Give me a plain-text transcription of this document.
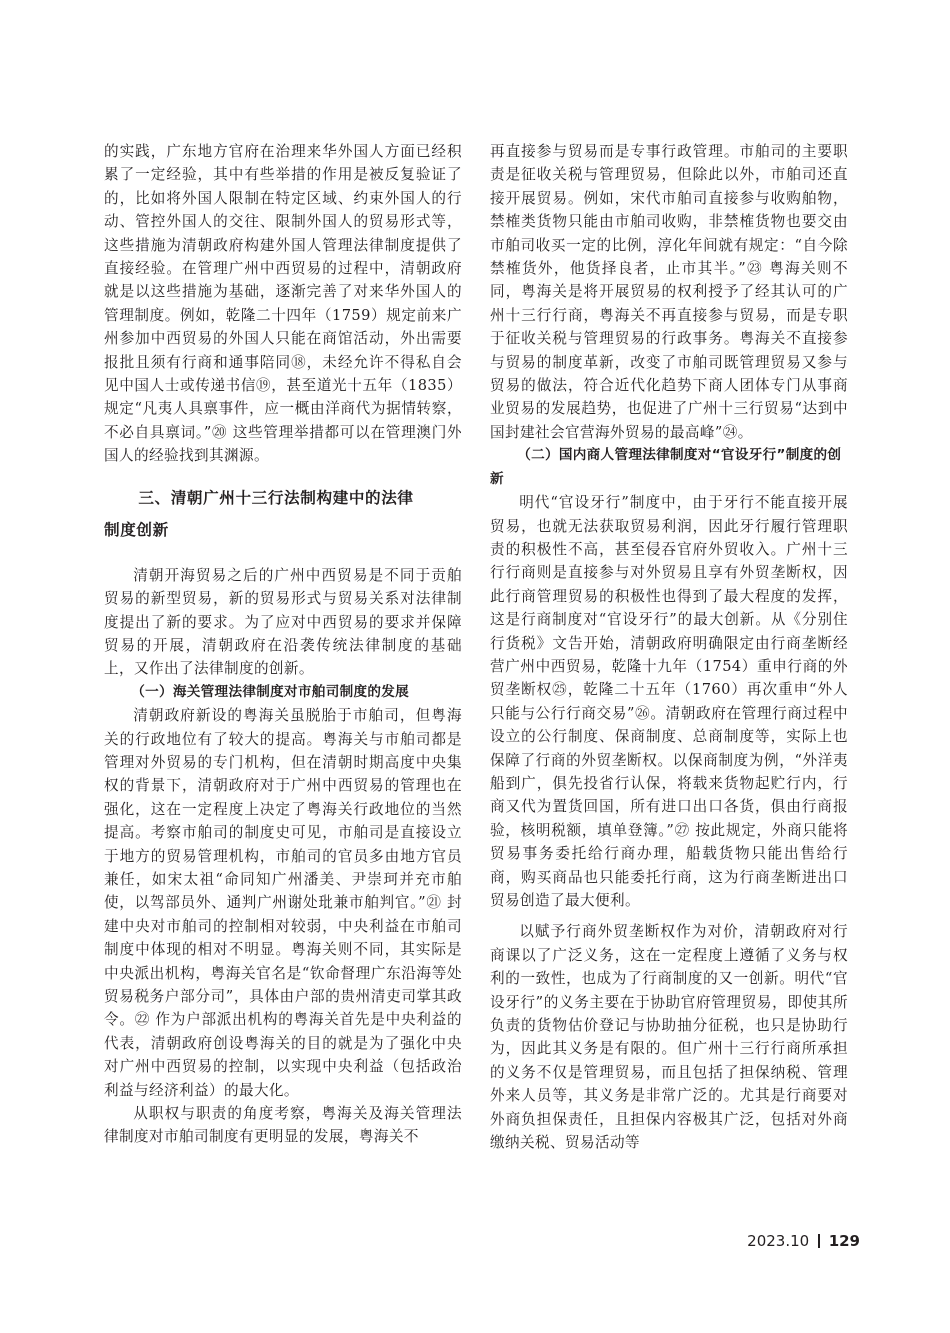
的实践，广东地方官府在治理来华外国人方面已经积累了一定经验，其中有些举措的作用是被反复验证了的，比如将外国人限制在特定区域、约束外国人的行动、管控外国人的交往、限制外国人的贸易形式等，这些措施为清朝政府构建外国人管理法律制度提供了直接经验。在管理广州中西贸易的过程中，清朝政府就是以这些措施为基础，逐渐完善了对来华外国人的管理制度。例如，乾隆二十四年（1759）规定前来广州参加中西贸易的外国人只能在商馆活动，外出需要报批且须有行商和通事陪同⑱，未经允许不得私自会见中国人士或传递书信⑲，甚至道光十五年（1835）规定“凡夷人具禀事件，应一概由洋商代为据情转察，不必自具禀词。”⑳ 这些管理举措都可以在管理澳门外国人的经验找到其渊源。

三、清朝广州十三行法制构建中的法律
制度创新

清朝开海贸易之后的广州中西贸易是不同于贡舶贸易的新型贸易，新的贸易形式与贸易关系对法律制度提出了新的要求。为了应对中西贸易的要求并保障贸易的开展，清朝政府在沿袭传统法律制度的基础上，又作出了法律制度的创新。

（一）海关管理法律制度对市舶司制度的发展

清朝政府新设的粤海关虽脱胎于市舶司，但粤海关的行政地位有了较大的提高。粤海关与市舶司都是管理对外贸易的专门机构，但在清朝时期高度中央集权的背景下，清朝政府对于广州中西贸易的管理也在强化，这在一定程度上决定了粤海关行政地位的当然提高。考察市舶司的制度史可见，市舶司是直接设立于地方的贸易管理机构，市舶司的官员多由地方官员兼任，如宋太祖“命同知广州潘美、尹崇珂并充市舶使，以驾部员外、通判广州谢处玭兼市舶判官。”㉑ 封建中央对市舶司的控制相对较弱，中央利益在市舶司制度中体现的相对不明显。粤海关则不同，其实际是中央派出机构，粤海关官名是“钦命督理广东沿海等处贸易税务户部分司”，具体由户部的贵州清吏司掌其政令。㉒ 作为户部派出机构的粤海关首先是中央利益的代表，清朝政府创设粤海关的目的就是为了强化中央对广州中西贸易的控制，以实现中央利益（包括政治利益与经济利益）的最大化。

从职权与职责的角度考察，粤海关及海关管理法律制度对市舶司制度有更明显的发展，粤海关不

再直接参与贸易而是专事行政管理。市舶司的主要职责是征收关税与管理贸易，但除此以外，市舶司还直接开展贸易。例如，宋代市舶司直接参与收购舶物，禁榷类货物只能由市舶司收购，非禁榷货物也要交由市舶司收买一定的比例，淳化年间就有规定：“自今除禁榷货外，他货择良者，止市其半。”㉓ 粤海关则不同，粤海关是将开展贸易的权利授予了经其认可的广州十三行行商，粤海关不再直接参与贸易，而是专职于征收关税与管理贸易的行政事务。粤海关不直接参与贸易的制度革新，改变了市舶司既管理贸易又参与贸易的做法，符合近代化趋势下商人团体专门从事商业贸易的发展趋势，也促进了广州十三行贸易“达到中国封建社会官营海外贸易的最高峰”㉔。

（二）国内商人管理法律制度对“官设牙行”制度的创新

明代“官设牙行”制度中，由于牙行不能直接开展贸易，也就无法获取贸易利润，因此牙行履行管理职责的积极性不高，甚至侵吞官府外贸收入。广州十三行行商则是直接参与对外贸易且享有外贸垄断权，因此行商管理贸易的积极性也得到了最大程度的发挥，这是行商制度对“官设牙行”的最大创新。从《分别住行货税》文告开始，清朝政府明确限定由行商垄断经营广州中西贸易，乾隆十九年（1754）重申行商的外贸垄断权㉕，乾隆二十五年（1760）再次重申“外人只能与公行行商交易”㉖。清朝政府在管理行商过程中设立的公行制度、保商制度、总商制度等，实际上也保障了行商的外贸垄断权。以保商制度为例，“外洋夷船到广，俱先投省行认保，将载来货物起贮行内，行商又代为置货回国，所有进口出口各货，俱由行商报验，核明税额，填单登簿。”㉗ 按此规定，外商只能将贸易事务委托给行商办理，船载货物只能出售给行商，购买商品也只能委托行商，这为行商垄断进出口贸易创造了最大便利。

以赋予行商外贸垄断权作为对价，清朝政府对行商课以了广泛义务，这在一定程度上遵循了义务与权利的一致性，也成为了行商制度的又一创新。明代“官设牙行”的义务主要在于协助官府管理贸易，即使其所负责的货物估价登记与协助抽分征税，也只是协助行为，因此其义务是有限的。但广州十三行行商所承担的义务不仅是管理贸易，而且包括了担保纳税、管理外来人员等，其义务是非常广泛的。尤其是行商要对外商负担保责任，且担保内容极其广泛，包括对外商缴纳关税、贸易活动等

2023.10 129
